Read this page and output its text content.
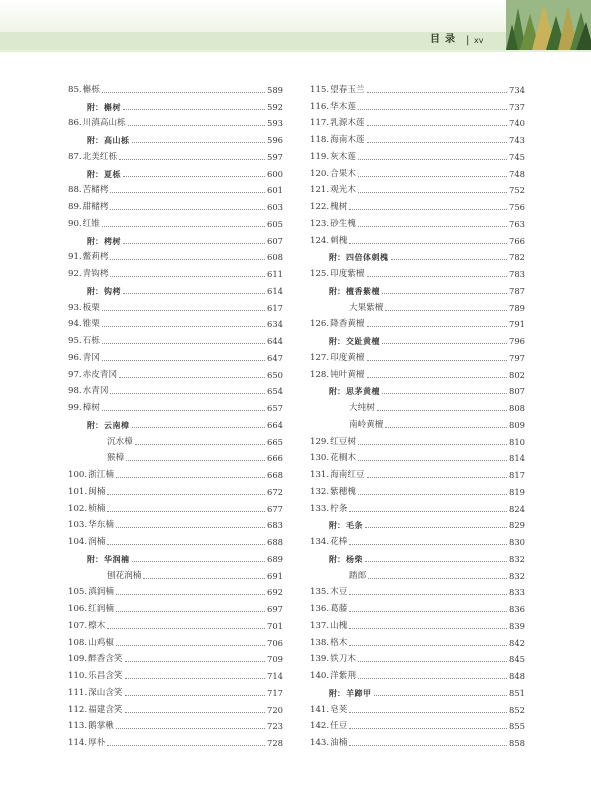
目录 | xv
85. 槲栎	589
附： 槲树	592
86. 川滇高山栎	593
附： 高山栎	596
87. 北美红栎	597
附： 夏栎	600
88. 苦槠栲	601
89. 甜槠栲	603
90. 红锥	605
附： 栲树	607
91. 鳖莉栲	608
92. 青钩栲	611
附： 钩栲	614
93. 板栗	617
94. 锥栗	634
95. 石栎	644
96. 青冈	647
97. 赤皮青冈	650
98. 水青冈	654
99. 樟树	657
附： 云南樟	664
沉水樟	665
猴樟	666
100. 浙江楠	668
101. 闽楠	672
102. 桢楠	677
103. 华东楠	683
104. 润楠	688
附： 华润楠	689
刨花润楠	691
105. 滇润楠	692
106. 红润楠	697
107. 檫木	701
108. 山鸡椒	706
109. 醉香含笑	709
110. 乐昌含笑	714
111. 深山含笑	717
112. 福建含笑	720
113. 鹅掌楸	723
114. 厚朴	728
115. 望春玉兰	734
116. 华木莲	737
117. 乳源木莲	740
118. 海南木莲	743
119. 灰木莲	745
120. 合果木	748
121. 观光木	752
122. 槐树	756
123. 砂生槐	763
124. 刺槐	766
附： 四倍体刺槐	782
125. 印度紫檀	783
附： 檀香紫檀	787
大果紫檀	789
126. 降香黄檀	791
附： 交趾黄檀	796
127. 印度黄檀	797
128. 钝叶黄檀	802
附： 思茅黄檀	807
大纯树	808
南岭黄檀	809
129. 红豆树	810
130. 花榈木	814
131. 海南红豆	817
132. 紫穗槐	819
133. 柠条	824
附： 毛条	829
134. 花棒	830
附： 杨柴	832
踏郎	832
135. 木豆	833
136. 葛藤	836
137. 山槐	839
138. 格木	842
139. 铁刀木	845
140. 洋紫荆	848
附： 羊蹄甲	851
141. 皂荚	852
142. 任豆	855
143. 油楠	858
